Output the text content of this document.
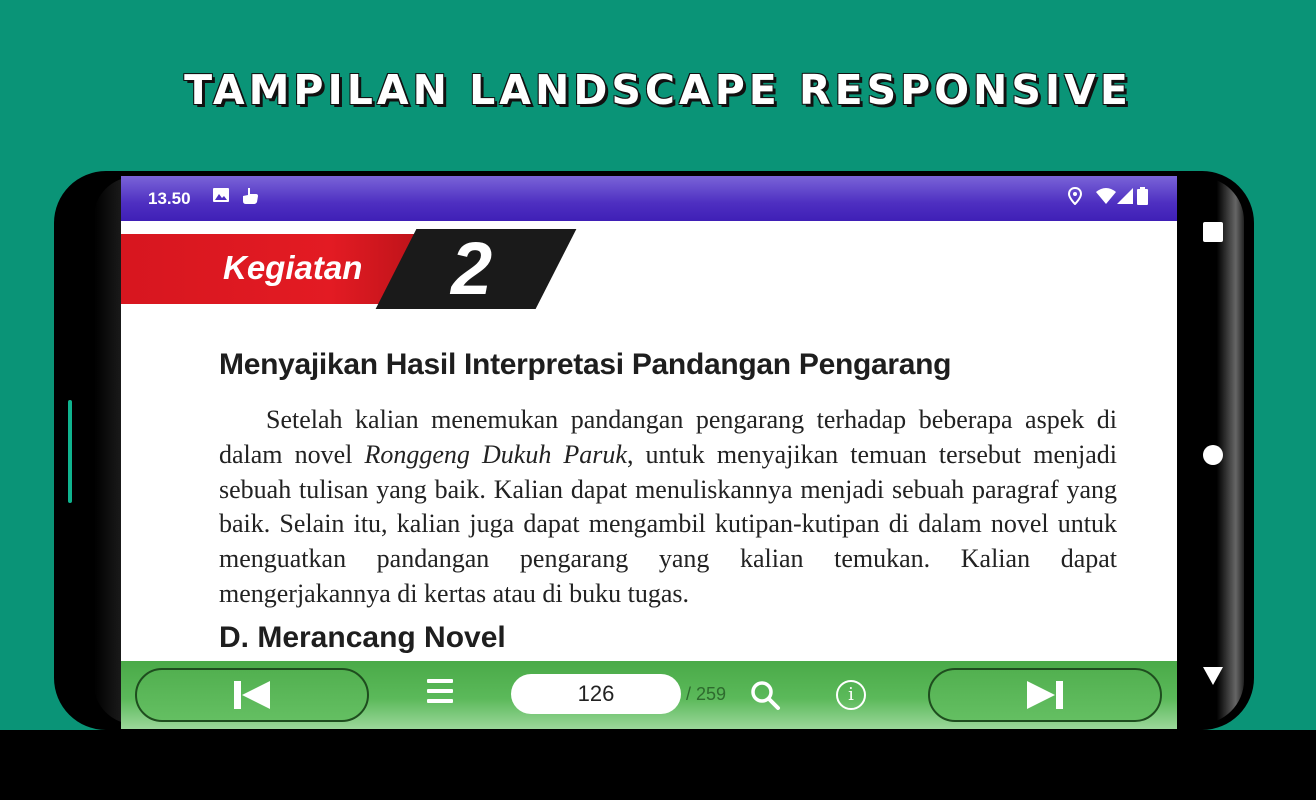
TAMPILAN LANDSCAPE RESPONSIVE
13.50
Kegiatan 2
Menyajikan Hasil Interpretasi Pandangan Pengarang

Setelah kalian menemukan pandangan pengarang terhadap beberapa aspek di dalam novel Ronggeng Dukuh Paruk, untuk menyajikan temuan tersebut menjadi sebuah tulisan yang baik. Kalian dapat menuliskannya menjadi sebuah paragraf yang baik. Selain itu, kalian juga dapat mengambil kutipan-kutipan di dalam novel untuk menguatkan pandangan pengarang yang kalian temukan. Kalian dapat mengerjakannya di kertas atau di buku tugas.

D. Merancang Novel
126
/ 259	i
